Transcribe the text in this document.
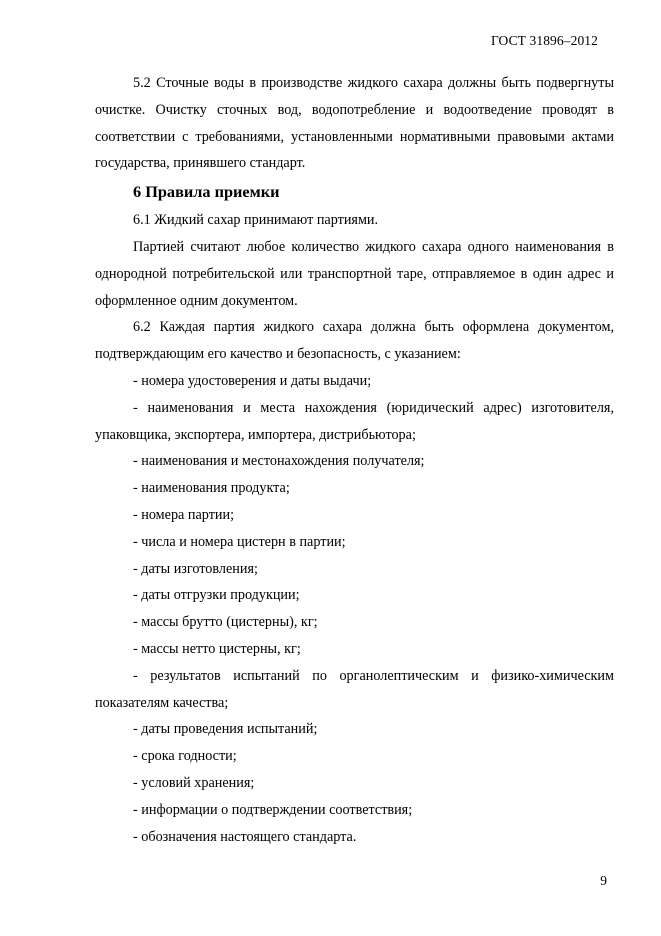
ГОСТ 31896–2012

5.2 Сточные воды в производстве жидкого сахара должны быть подвергнуты очистке. Очистку сточных вод, водопотребление и водоотведение проводят в соответствии с требованиями, установленными нормативными правовыми актами государства, принявшего стандарт.

6 Правила приемки

6.1 Жидкий сахар принимают партиями.

Партией считают любое количество жидкого сахара одного наименования в однородной потребительской или транспортной таре, отправляемое в один адрес и оформленное одним документом.

6.2 Каждая партия жидкого сахара должна быть оформлена документом, подтверждающим его качество и безопасность, с указанием:

- номера удостоверения и даты выдачи;

- наименования и места нахождения (юридический адрес) изготовителя, упаковщика, экспортера, импортера, дистрибьютора;

- наименования и местонахождения получателя;

- наименования продукта;

- номера партии;

- числа и номера цистерн в партии;

- даты изготовления;

- даты отгрузки продукции;

- массы брутто (цистерны), кг;

- массы нетто цистерны, кг;

- результатов испытаний по органолептическим и физико-химическим показателям качества;

- даты проведения испытаний;

- срока годности;

- условий хранения;

- информации о подтверждении соответствия;

- обозначения настоящего стандарта.

9
